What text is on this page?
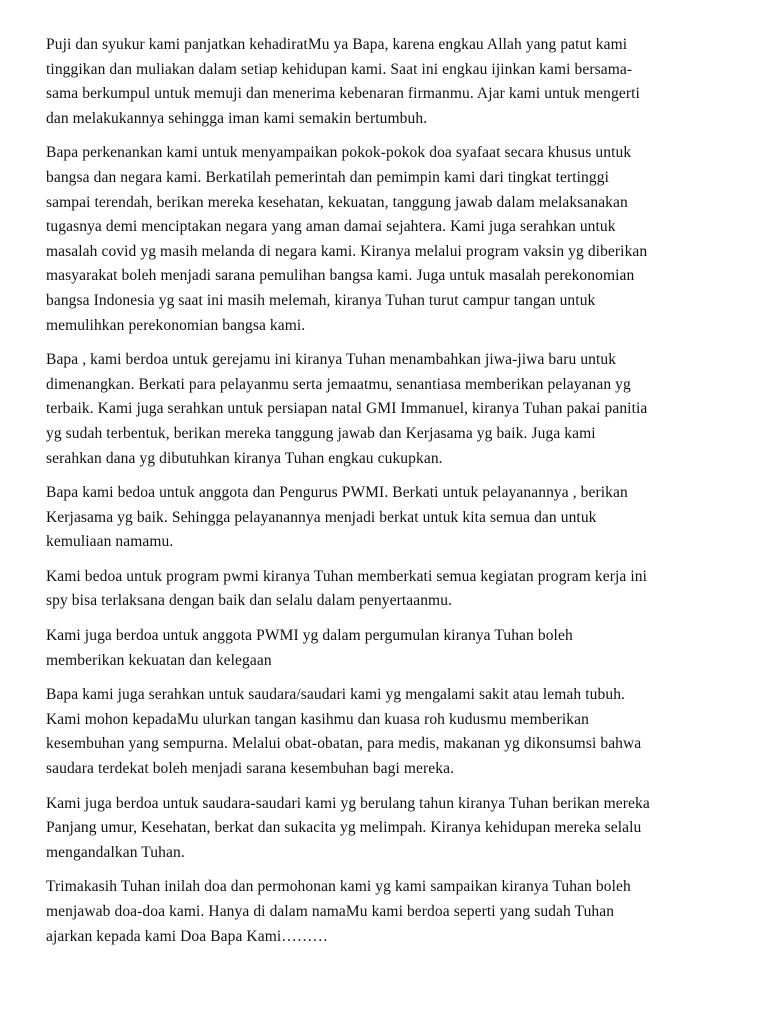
Puji dan syukur kami panjatkan kehadiratMu ya Bapa, karena engkau Allah yang patut kami
tinggikan dan muliakan dalam setiap kehidupan kami. Saat ini engkau ijinkan kami bersama-
sama berkumpul untuk memuji dan menerima kebenaran firmanmu. Ajar kami untuk mengerti
dan melakukannya sehingga iman kami semakin bertumbuh.

Bapa perkenankan kami untuk menyampaikan pokok-pokok doa syafaat secara khusus untuk
bangsa dan negara kami. Berkatilah pemerintah dan pemimpin kami dari tingkat tertinggi
sampai terendah, berikan mereka kesehatan, kekuatan, tanggung jawab dalam melaksanakan
tugasnya demi menciptakan negara yang aman damai sejahtera. Kami juga serahkan untuk
masalah covid yg masih melanda di negara kami. Kiranya melalui program vaksin yg diberikan
masyarakat boleh menjadi sarana pemulihan bangsa kami. Juga untuk masalah perekonomian
bangsa Indonesia yg saat ini masih melemah, kiranya Tuhan turut campur tangan untuk
memulihkan perekonomian bangsa kami.

Bapa , kami berdoa untuk gerejamu ini kiranya Tuhan menambahkan jiwa-jiwa baru untuk
dimenangkan. Berkati para pelayanmu serta jemaatmu, senantiasa memberikan pelayanan yg
terbaik. Kami juga serahkan untuk persiapan natal GMI Immanuel, kiranya Tuhan pakai panitia
yg sudah terbentuk, berikan mereka tanggung jawab dan Kerjasama yg baik. Juga kami
serahkan dana yg dibutuhkan kiranya Tuhan engkau cukupkan.

Bapa kami bedoa untuk anggota dan Pengurus PWMI. Berkati untuk pelayanannya , berikan
Kerjasama yg baik. Sehingga pelayanannya menjadi berkat untuk kita semua dan untuk
kemuliaan namamu.

Kami bedoa untuk program pwmi kiranya Tuhan memberkati semua kegiatan program kerja ini
spy bisa terlaksana dengan baik dan selalu dalam penyertaanmu.

Kami juga berdoa untuk anggota PWMI yg dalam pergumulan kiranya Tuhan boleh
memberikan kekuatan dan kelegaan

Bapa kami juga serahkan untuk saudara/saudari kami yg mengalami sakit atau lemah tubuh.
Kami mohon kepadaMu ulurkan tangan kasihmu dan kuasa roh kudusmu memberikan
kesembuhan yang sempurna. Melalui obat-obatan, para medis, makanan yg dikonsumsi bahwa
saudara terdekat boleh menjadi sarana kesembuhan bagi mereka.

Kami juga berdoa untuk saudara-saudari kami yg berulang tahun kiranya Tuhan berikan mereka
Panjang umur, Kesehatan, berkat dan sukacita yg melimpah. Kiranya kehidupan mereka selalu
mengandalkan Tuhan.

Trimakasih Tuhan inilah doa dan permohonan kami yg kami sampaikan kiranya Tuhan boleh
menjawab doa-doa kami. Hanya di dalam namaMu kami berdoa seperti yang sudah Tuhan
ajarkan kepada kami Doa Bapa Kami………
